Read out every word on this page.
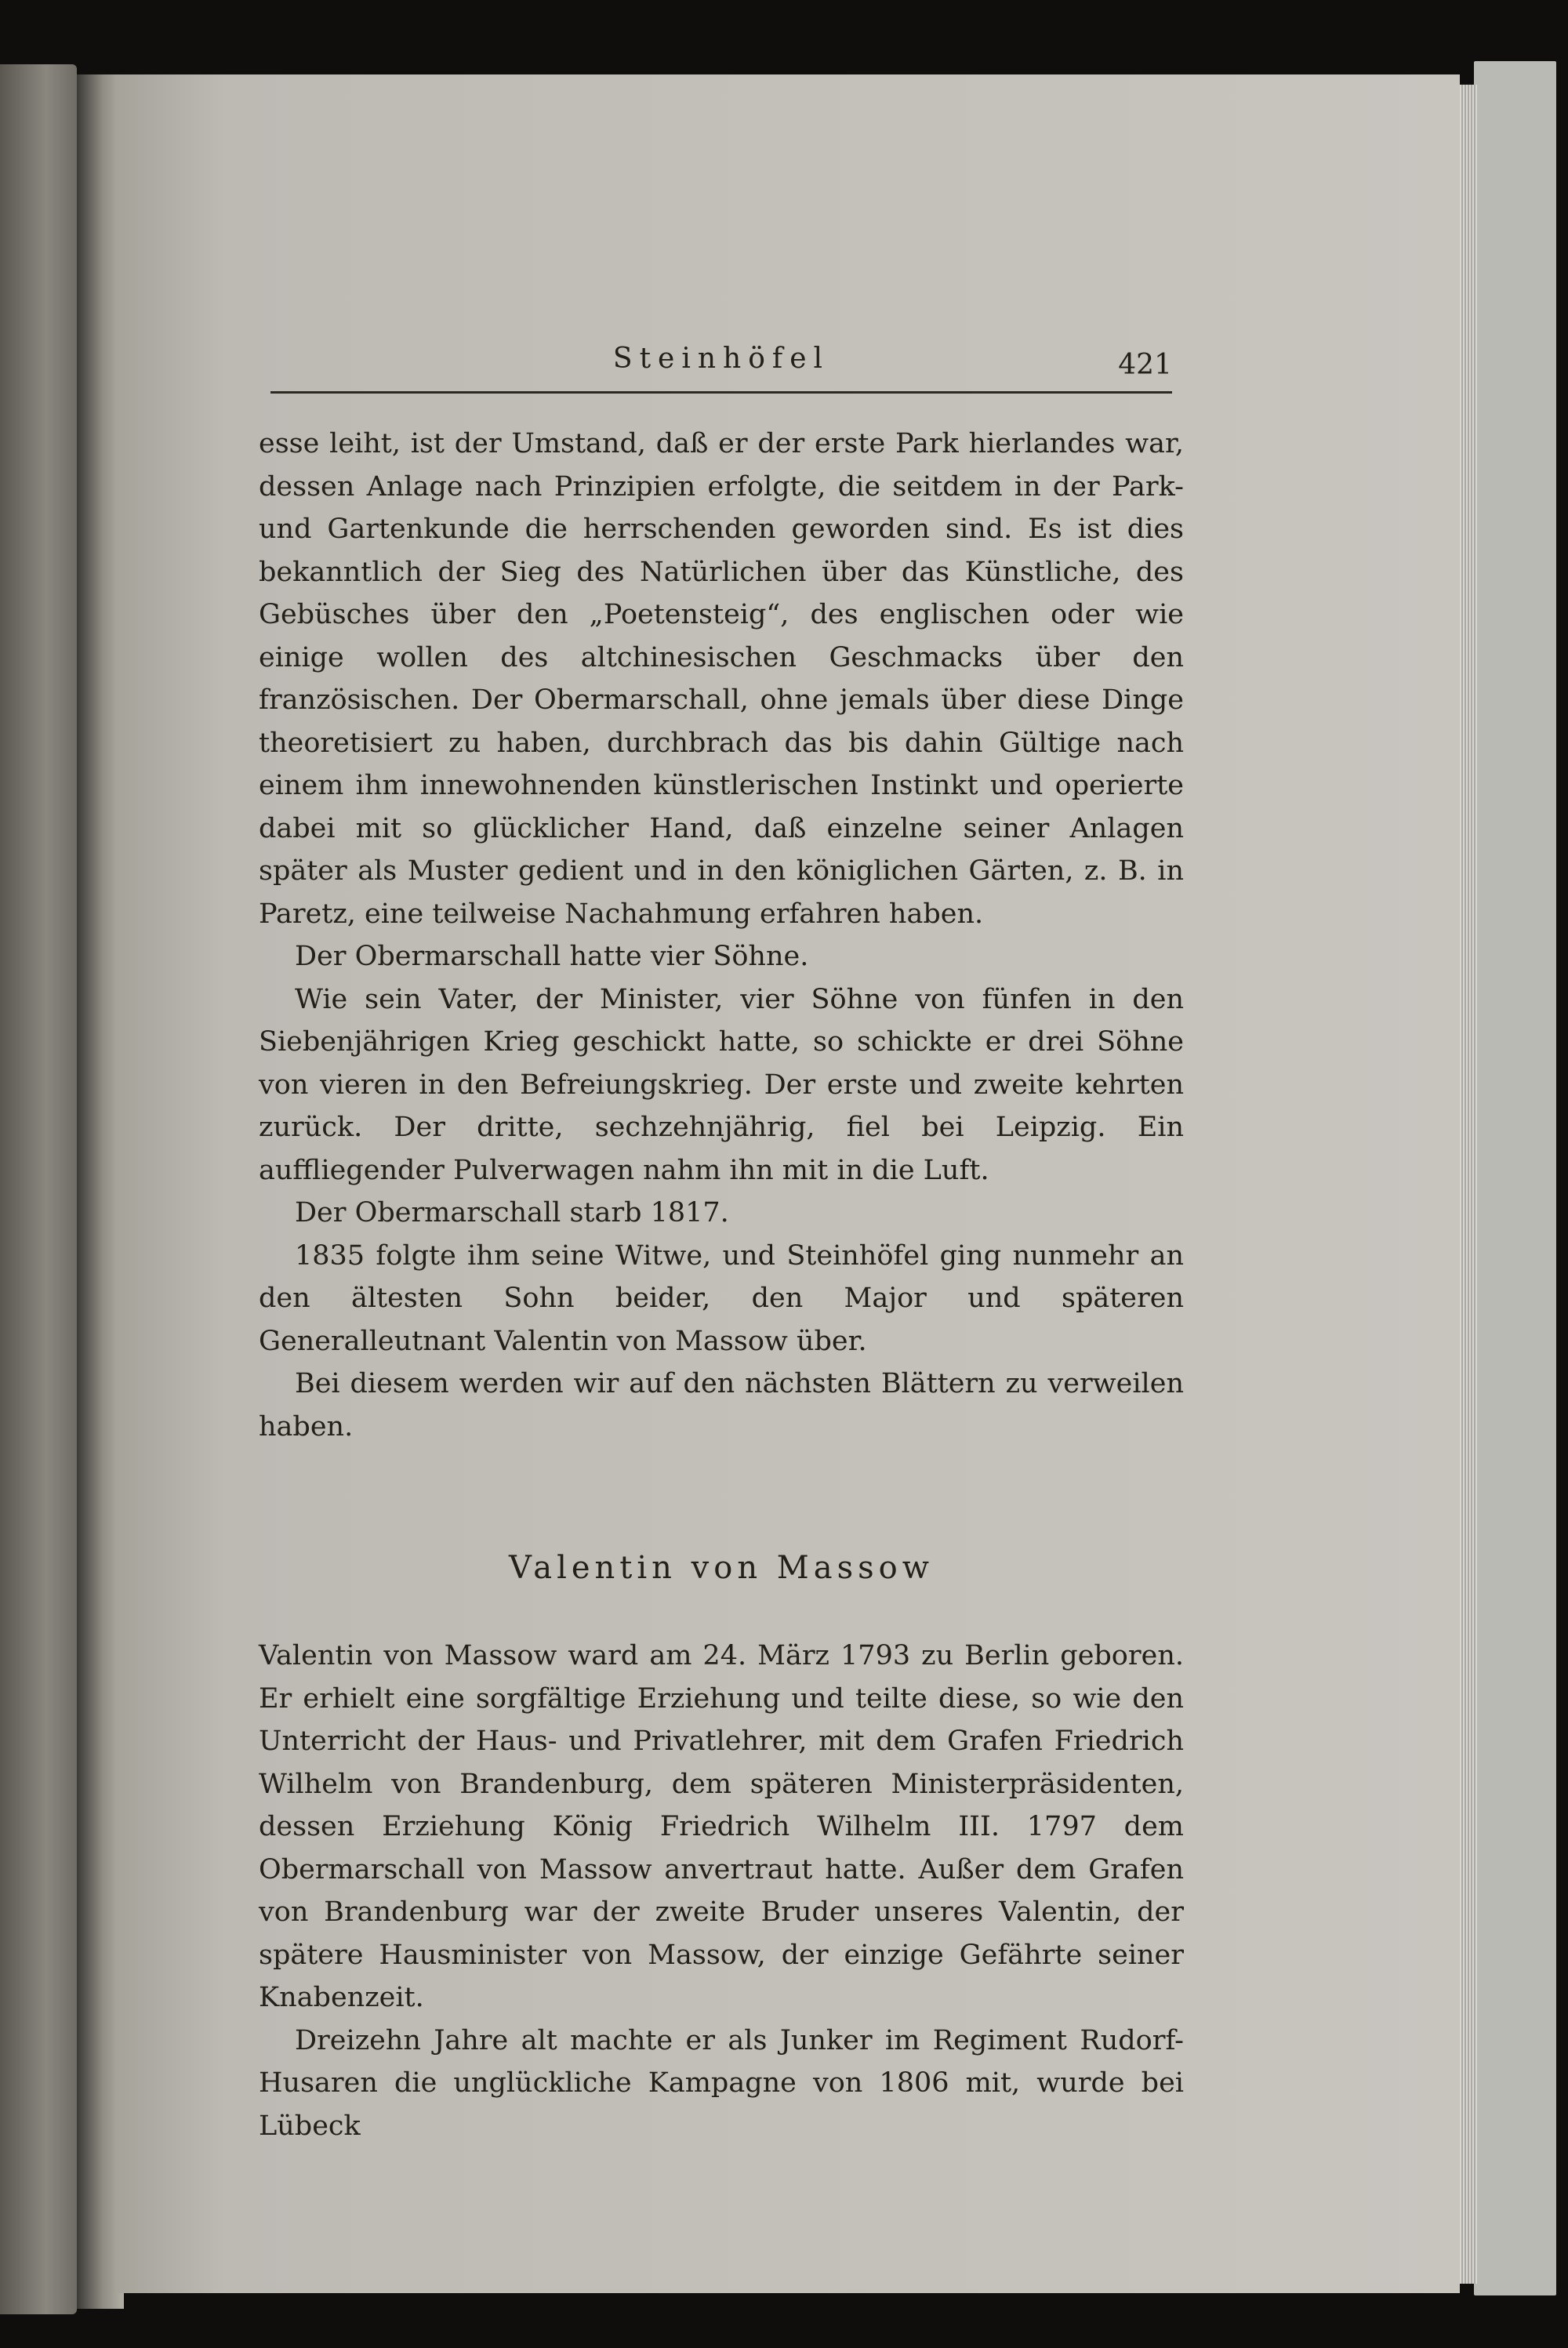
Steinhöfel	421

esse leiht, ist der Umstand, daß er der erste Park hierlandes war, dessen Anlage nach Prinzipien erfolgte, die seitdem in der Park- und Gartenkunde die herrschenden geworden sind. Es ist dies bekanntlich der Sieg des Natürlichen über das Künstliche, des Gebüsches über den „Poetensteig“, des englischen oder wie einige wollen des altchinesischen Geschmacks über den französischen. Der Obermarschall, ohne jemals über diese Dinge theoretisiert zu haben, durchbrach das bis dahin Gültige nach einem ihm innewohnenden künstlerischen Instinkt und operierte dabei mit so glücklicher Hand, daß einzelne seiner Anlagen später als Muster gedient und in den königlichen Gärten, z. B. in Paretz, eine teilweise Nachahmung erfahren haben.

Der Obermarschall hatte vier Söhne.

Wie sein Vater, der Minister, vier Söhne von fünfen in den Siebenjährigen Krieg geschickt hatte, so schickte er drei Söhne von vieren in den Befreiungskrieg. Der erste und zweite kehrten zurück. Der dritte, sechzehnjährig, fiel bei Leipzig. Ein auffliegender Pulverwagen nahm ihn mit in die Luft.

Der Obermarschall starb 1817.

1835 folgte ihm seine Witwe, und Steinhöfel ging nunmehr an den ältesten Sohn beider, den Major und späteren Generalleutnant Valentin von Massow über.

Bei diesem werden wir auf den nächsten Blättern zu verweilen haben.

Valentin von Massow

Valentin von Massow ward am 24. März 1793 zu Berlin geboren. Er erhielt eine sorgfältige Erziehung und teilte diese, so wie den Unterricht der Haus- und Privatlehrer, mit dem Grafen Friedrich Wilhelm von Brandenburg, dem späteren Ministerpräsidenten, dessen Erziehung König Friedrich Wilhelm III. 1797 dem Obermarschall von Massow anvertraut hatte. Außer dem Grafen von Brandenburg war der zweite Bruder unseres Valentin, der spätere Hausminister von Massow, der einzige Gefährte seiner Knabenzeit.

Dreizehn Jahre alt machte er als Junker im Regiment Rudorf-Husaren die unglückliche Kampagne von 1806 mit, wurde bei Lübeck
